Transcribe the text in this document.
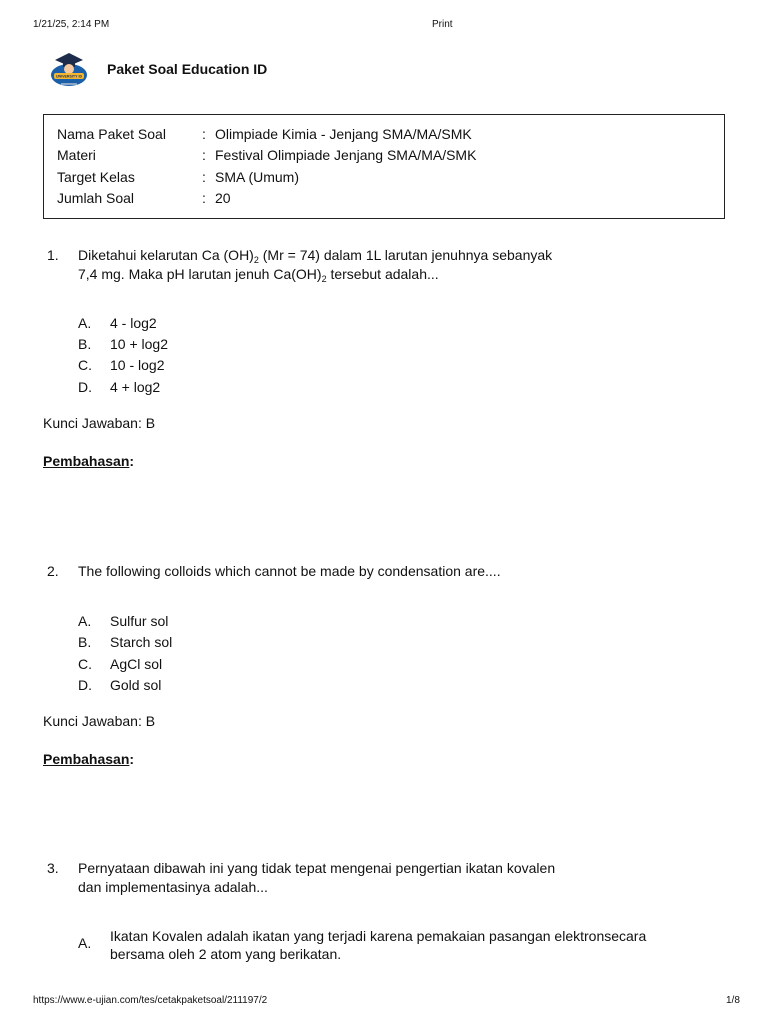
1/21/25, 2:14 PM	Print
UNIVERSITY ID Paket Soal Education ID
Nama Paket Soal	: Olimpiade Kimia - Jenjang SMA/MA/SMK
Materi	: Festival Olimpiade Jenjang SMA/MA/SMK
Target Kelas	: SMA (Umum)
Jumlah Soal	: 20
1. Diketahui kelarutan Ca $(OH)_2$ (Mr = 74) dalam 1L larutan jenuhnya sebanyak
7,4 mg. Maka pH larutan jenuh $Ca(OH)_2$ tersebut adalah...
A. 4 - log2
B. 10 + log2
C. 10 - log2
D. 4 + log2
Kunci Jawaban: B
Pembahasan:
2. The following colloids which cannot be made by condensation are....
A. Sulfur sol
B. Starch sol
C. AgCl sol
D. Gold sol
Kunci Jawaban: B
Pembahasan:
3. Pernyataan dibawah ini yang tidak tepat mengenai pengertian ikatan kovalen
dan implementasinya adalah...
A. Ikatan Kovalen adalah ikatan yang terjadi karena pemakaian pasangan elektronsecara
bersama oleh 2 atom yang berikatan.
https://www.e-ujian.com/tes/cetakpaketsoal/211197/2	1/8
